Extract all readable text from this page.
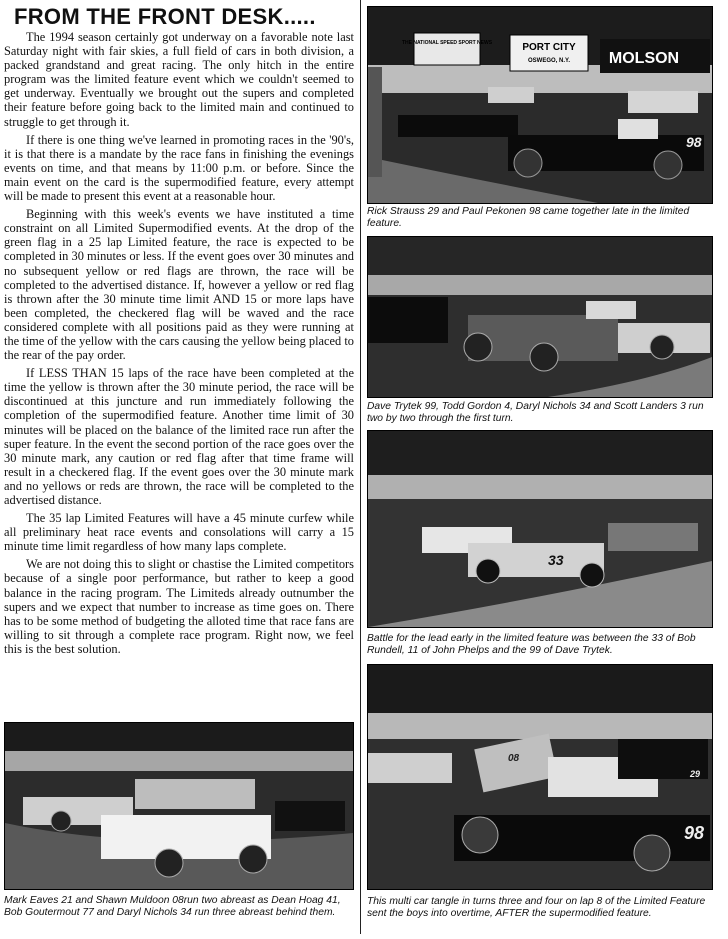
FROM THE FRONT DESK.....

The 1994 season certainly got underway on a favorable note last Saturday night with fair skies, a full field of cars in both division, a packed grandstand and great racing. The only hitch in the entire program was the limited feature event which we couldn't seemed to get underway. Eventually we brought out the supers and completed their feature before going back to the limited main and continued to struggle to get through it.

If there is one thing we've learned in promoting races in the '90's, it is that there is a mandate by the race fans in finishing the evenings events on time, and that means by 11:00 p.m. or before. Since the main event on the card is the supermodified feature, every attempt will be made to present this event at a reasonable hour.

Beginning with this week's events we have instituted a time constraint on all Limited Supermodified events. At the drop of the green flag in a 25 lap Limited feature, the race is expected to be completed in 30 minutes or less. If the event goes over 30 minutes and no subsequent yellow or red flags are thrown, the race will be completed to the advertised distance. If, however a yellow or red flag is thrown after the 30 minute time limit AND 15 or more laps have been completed, the checkered flag will be waved and the race considered complete with all positions paid as they were running at the time of the yellow with the cars causing the yellow being placed to the rear of the pay order.

If LESS THAN 15 laps of the race have been completed at the time the yellow is thrown after the 30 minute period, the race will be discontinued at this juncture and run immediately following the completion of the supermodified feature. Another time limit of 30 minutes will be placed on the balance of the limited race run after the super feature. In the event the second portion of the race goes over the 30 minute mark, any caution or red flag after that time frame will result in a checkered flag. If the event goes over the 30 minute mark and no yellows or reds are thrown, the race will be completed to the advertised distance.

The 35 lap Limited Features will have a 45 minute curfew while all preliminary heat race events and consolations will carry a 15 minute time limit regardless of how many laps complete.

We are not doing this to slight or chastise the Limited competitors because of a single poor performance, but rather to keep a good balance in the racing program. The Limiteds already outnumber the supers and we expect that number to increase as time goes on. There has to be some method of budgeting the alloted time that race fans are willing to sit through a complete race program. Right now, we feel this is the best solution.

THE NATIONAL SPEED SPORT NEWS	PORT CITY
OSWEGO, N.Y. MOLSON
98

Rick Strauss 29 and Paul Pekonen 98 came together late in the limited feature.

Dave Trytek 99, Todd Gordon 4, Daryl Nichols 34 and Scott Landers 3 run two by two through the first turn.

33

Battle for the lead early in the limited feature was between the 33 of Bob Rundell, 11 of John Phelps and the 99 of Dave Trytek.

98
08
29

This multi car tangle in turns three and four on lap 8 of the Limited Feature sent the boys into overtime, AFTER the supermodified feature.

Mark Eaves 21 and Shawn Muldoon 08run two abreast as Dean Hoag 41, Bob Goutermout 77 and Daryl Nichols 34 run three abreast behind them.
